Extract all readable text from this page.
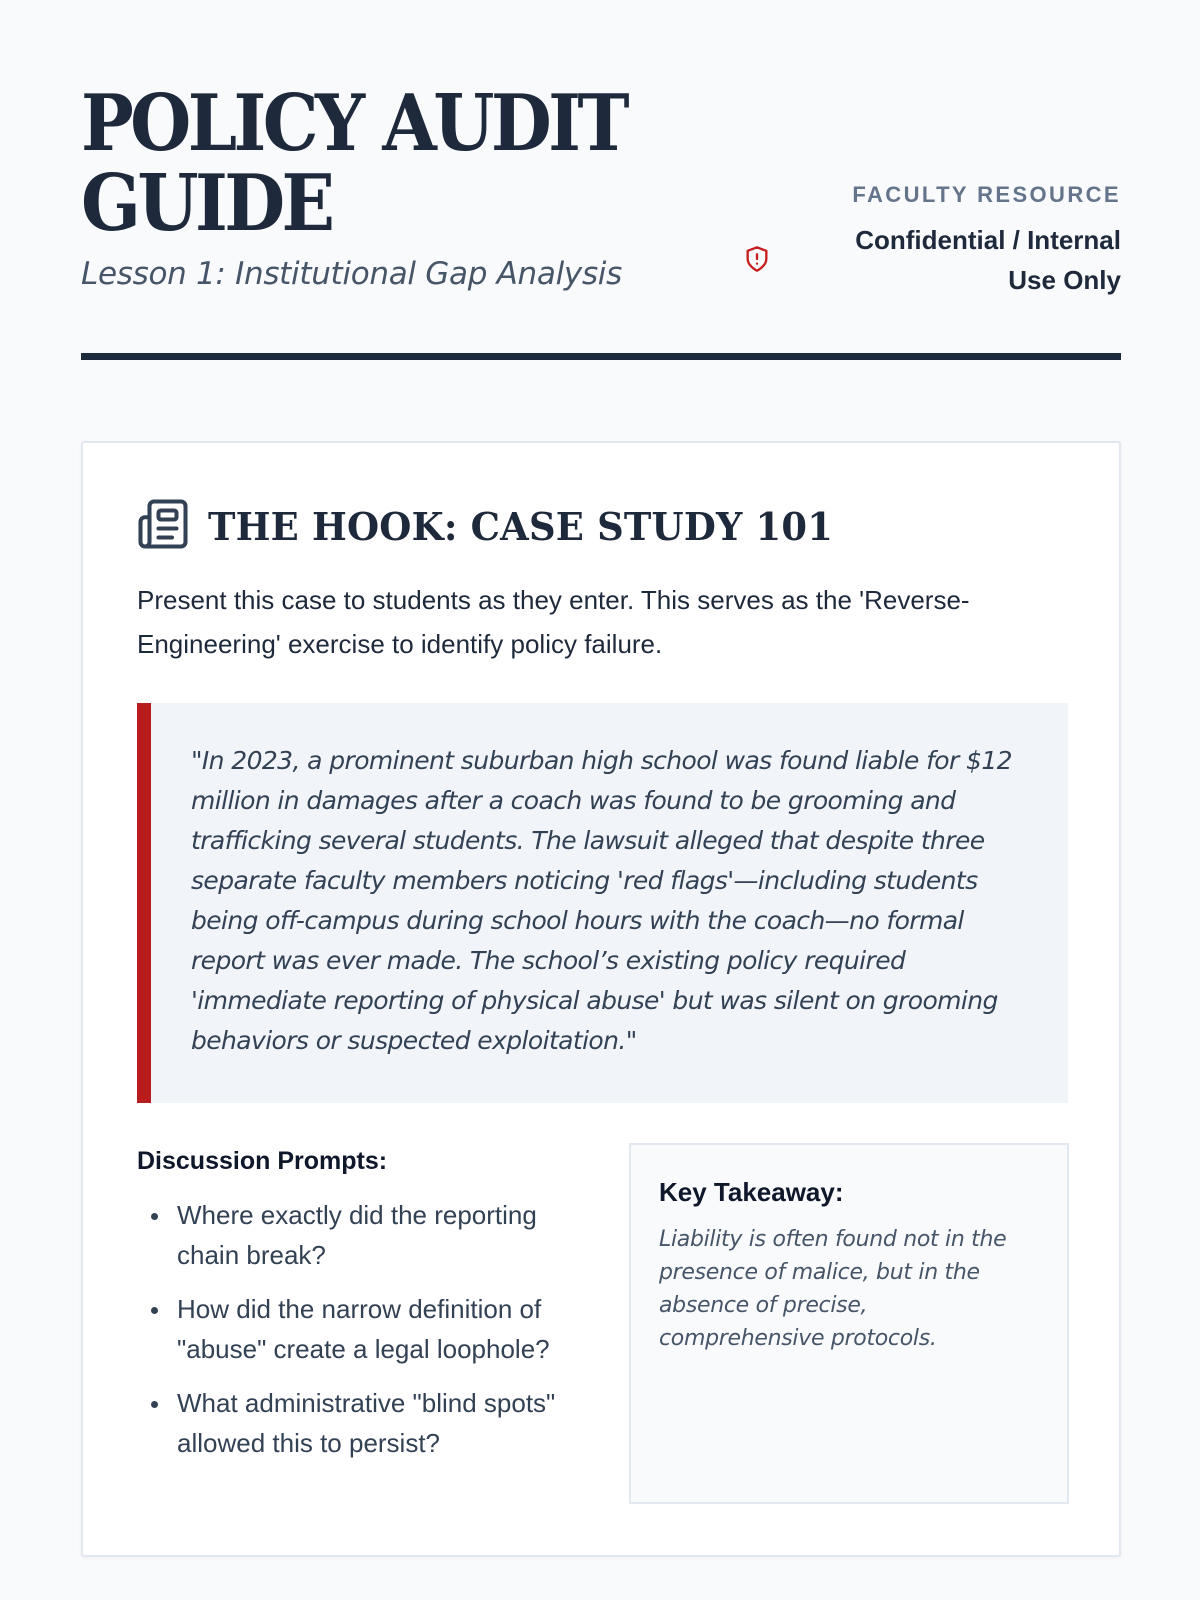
POLICY AUDIT
GUIDE
Lesson 1: Institutional Gap Analysis
FACULTY RESOURCE
Confidential / Internal Use Only
THE HOOK: CASE STUDY 101

Present this case to students as they enter. This serves as the 'Reverse-Engineering' exercise to identify policy failure.

"In 2023, a prominent suburban high school was found liable for $12 million in damages after a coach was found to be grooming and trafficking several students. The lawsuit alleged that despite three separate faculty members noticing 'red flags'—including students being off-campus during school hours with the coach—no formal report was ever made. The school’s existing policy required 'immediate reporting of physical abuse' but was silent on grooming behaviors or suspected exploitation."

Discussion Prompts:
Where exactly did the reporting chain break?
How did the narrow definition of "abuse" create a legal loophole?
What administrative "blind spots" allowed this to persist?
Key Takeaway:

Liability is often found not in the presence of malice, but in the absence of precise, comprehensive protocols.
